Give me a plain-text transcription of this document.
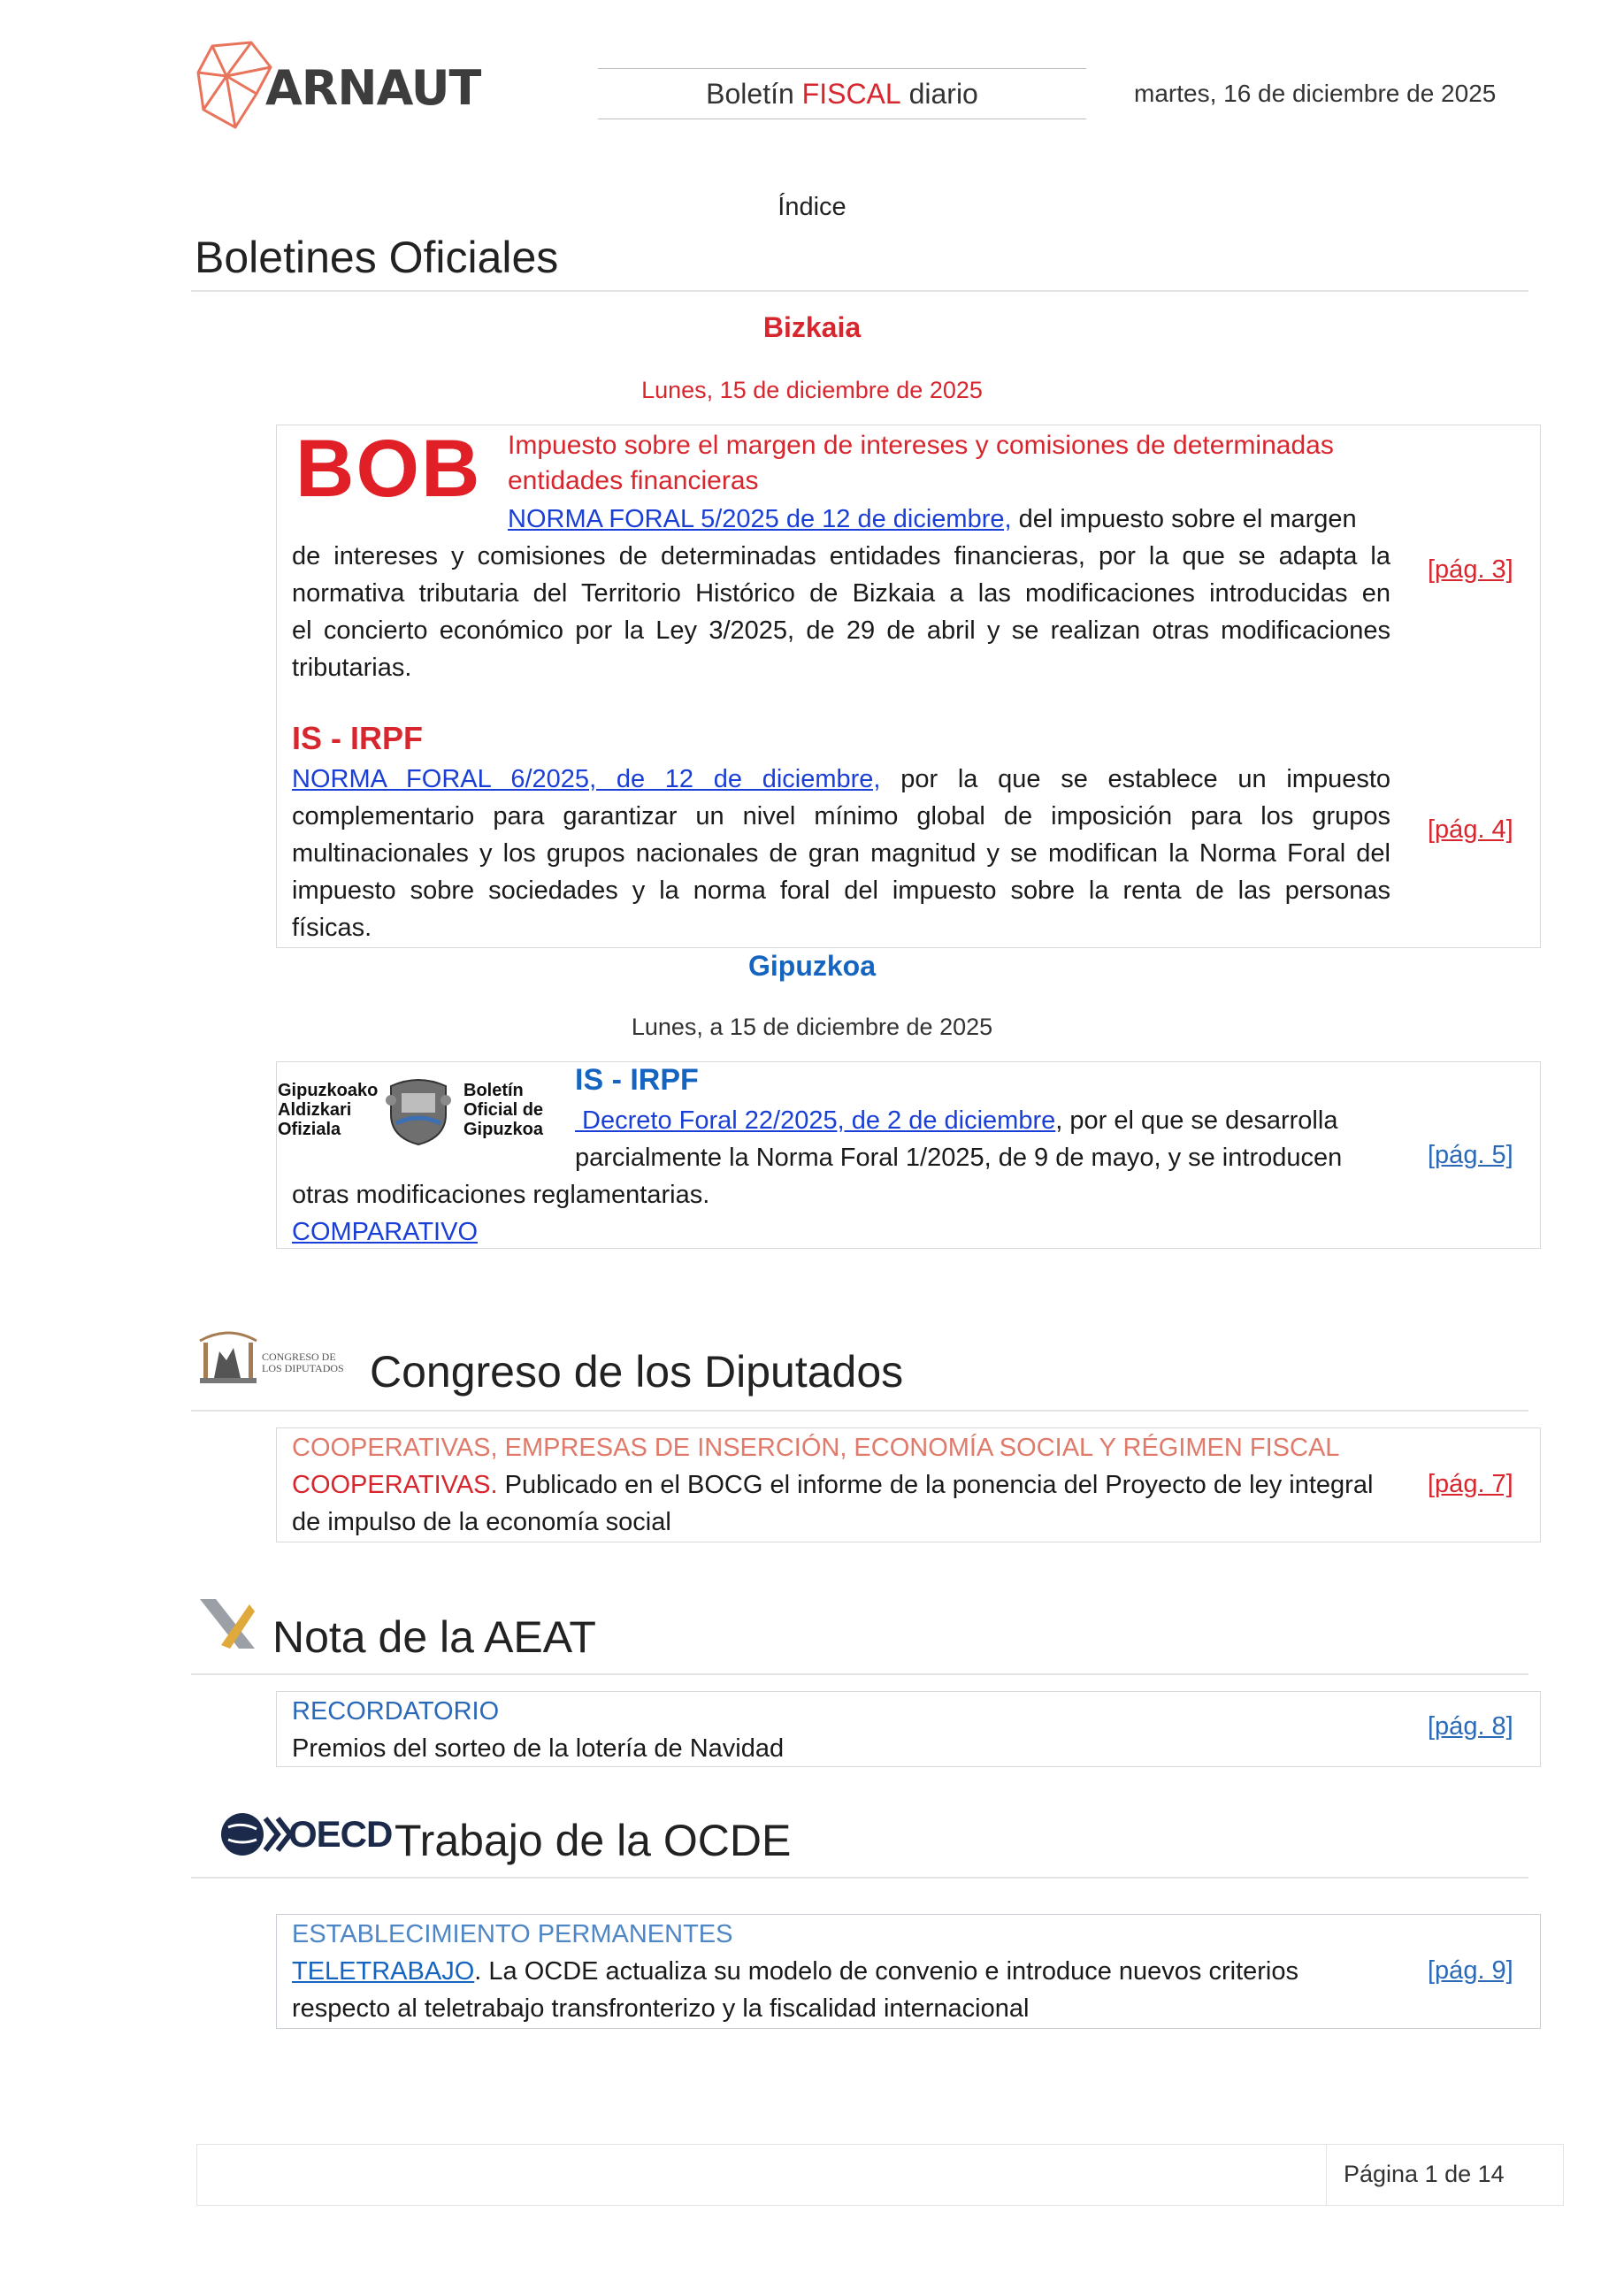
ARNAUT	Boletín FISCAL diario	martes, 16 de diciembre de 2025
Índice
Boletines Oficiales
Bizkaia
Lunes, 15 de diciembre de 2025
BOB Impuesto sobre el margen de intereses y comisiones de determinadas entidades financieras
NORMA FORAL 5/2025 de 12 de diciembre, del impuesto sobre el margen
de intereses y comisiones de determinadas entidades financieras, por la que se adapta la
normativa tributaria del Territorio Histórico de Bizkaia a las modificaciones introducidas en
el concierto económico por la Ley 3/2025, de 29 de abril y se realizan otras modificaciones
tributarias.
[pág. 3]
IS - IRPF
NORMA FORAL 6/2025, de 12 de diciembre, por la que se establece un impuesto
complementario para garantizar un nivel mínimo global de imposición para los grupos
multinacionales y los grupos nacionales de gran magnitud y se modifican la Norma Foral del
impuesto sobre sociedades y la norma foral del impuesto sobre la renta de las personas
físicas.
[pág. 4]
Gipuzkoa
Lunes, a 15 de diciembre de 2025
Gipuzkoako
Aldizkari
Ofiziala
Boletín
Oficial de
Gipuzkoa
IS - IRPF
Decreto Foral 22/2025, de 2 de diciembre, por el que se desarrolla
parcialmente la Norma Foral 1/2025, de 9 de mayo, y se introducen
otras modificaciones reglamentarias.
COMPARATIVO
[pág. 5]
CONGRESO DE
LOS DIPUTADOS Congreso de los Diputados
COOPERATIVAS, EMPRESAS DE INSERCIÓN, ECONOMÍA SOCIAL Y RÉGIMEN FISCAL
COOPERATIVAS. Publicado en el BOCG el informe de la ponencia del Proyecto de ley integral
de impulso de la economía social
[pág. 7]
Nota de la AEAT
RECORDATORIO
Premios del sorteo de la lotería de Navidad
[pág. 8]
OECD Trabajo de la OCDE
ESTABLECIMIENTO PERMANENTES
TELETRABAJO. La OCDE actualiza su modelo de convenio e introduce nuevos criterios
respecto al teletrabajo transfronterizo y la fiscalidad internacional
[pág. 9]
Página 1 de 14
